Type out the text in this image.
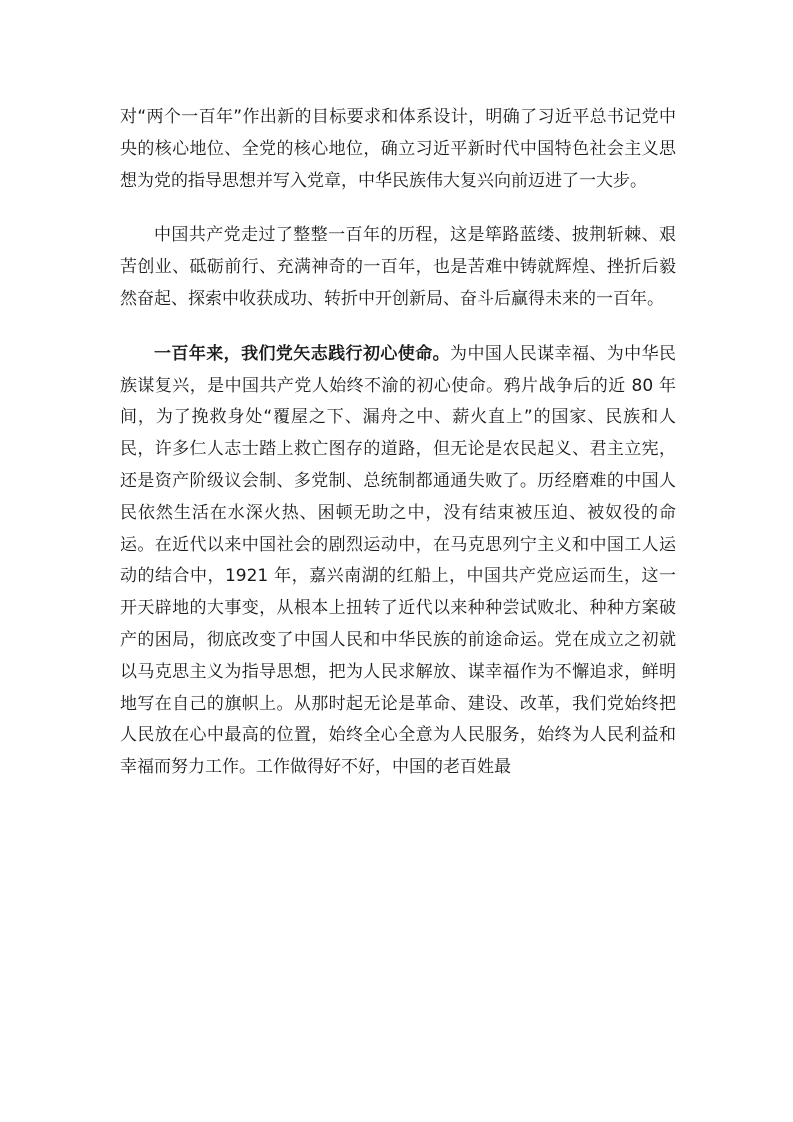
对“两个一百年”作出新的目标要求和体系设计，明确了习近平总书记党中央的核心地位、全党的核心地位，确立习近平新时代中国特色社会主义思想为党的指导思想并写入党章，中华民族伟大复兴向前迈进了一大步。

中国共产党走过了整整一百年的历程，这是筚路蓝缕、披荆斩棘、艰苦创业、砥砺前行、充满神奇的一百年，也是苦难中铸就辉煌、挫折后毅然奋起、探索中收获成功、转折中开创新局、奋斗后赢得未来的一百年。

一百年来，我们党矢志践行初心使命。为中国人民谋幸福、为中华民族谋复兴，是中国共产党人始终不渝的初心使命。鸦片战争后的近 80 年间，为了挽救身处“覆屋之下、漏舟之中、薪火直上”的国家、民族和人民，许多仁人志士踏上救亡图存的道路，但无论是农民起义、君主立宪，还是资产阶级议会制、多党制、总统制都通通失败了。历经磨难的中国人民依然生活在水深火热、困顿无助之中，没有结束被压迫、被奴役的命运。在近代以来中国社会的剧烈运动中，在马克思列宁主义和中国工人运动的结合中，1921 年，嘉兴南湖的红船上，中国共产党应运而生，这一开天辟地的大事变，从根本上扭转了近代以来种种尝试败北、种种方案破产的困局，彻底改变了中国人民和中华民族的前途命运。党在成立之初就以马克思主义为指导思想，把为人民求解放、谋幸福作为不懈追求，鲜明地写在自己的旗帜上。从那时起无论是革命、建设、改革，我们党始终把人民放在心中最高的位置，始终全心全意为人民服务，始终为人民利益和幸福而努力工作。工作做得好不好，中国的老百姓最
